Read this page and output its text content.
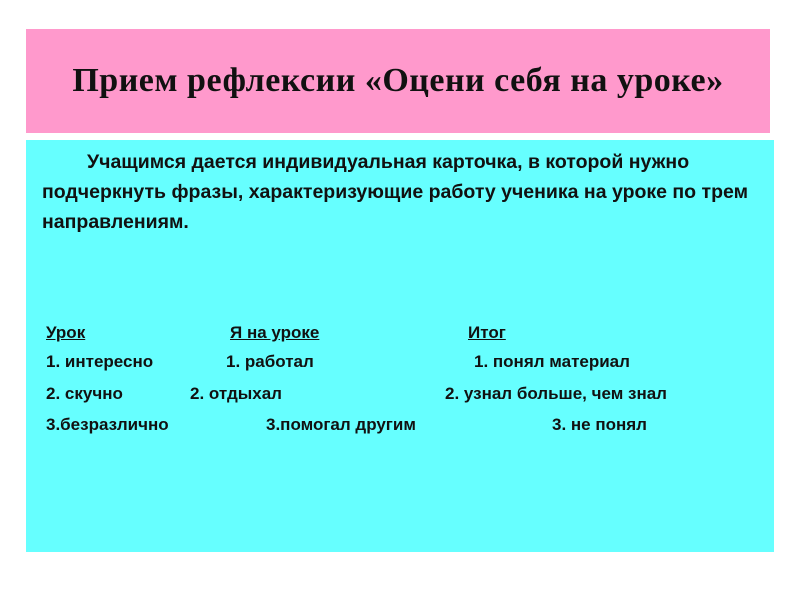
Прием рефлексии «Оцени себя на уроке»

Учащимся дается индивидуальная карточка, в которой нужно подчеркнуть фразы, характеризующие работу ученика на уроке по трем направлениям.

Урок	Я на уроке	Итог
1. интересно	1. работал	1. понял материал
2. скучно	2. отдыхал	2. узнал больше, чем знал
3.безразлично	3.помогал другим	3. не понял
